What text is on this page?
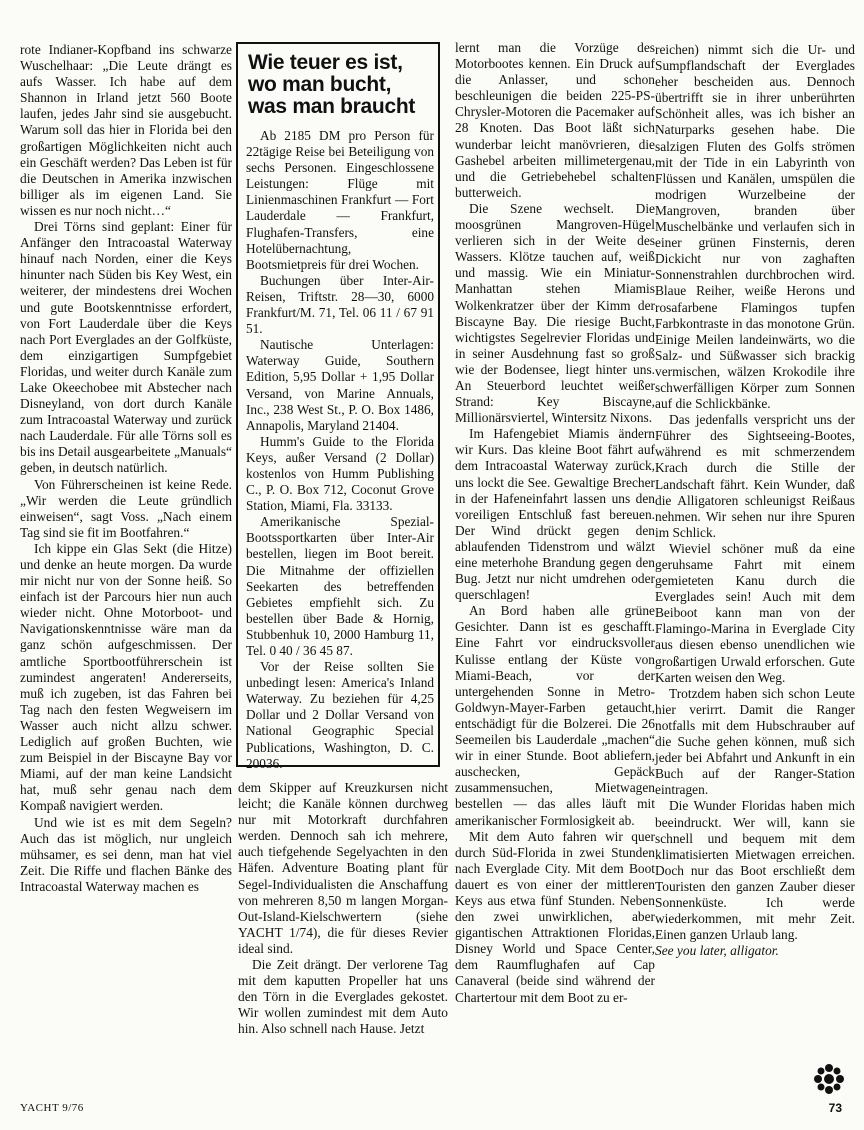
rote Indianer-Kopfband ins schwarze Wuschelhaar: „Die Leute drängt es aufs Wasser. Ich habe auf dem Shannon in Irland jetzt 560 Boote laufen, jedes Jahr sind sie ausgebucht. Warum soll das hier in Florida bei den großartigen Möglichkeiten nicht auch ein Geschäft werden? Das Leben ist für die Deutschen in Amerika inzwischen billiger als im eigenen Land. Sie wissen es nur noch nicht…“

Drei Törns sind geplant: Einer für Anfänger den Intracoastal Waterway hinauf nach Norden, einer die Keys hinunter nach Süden bis Key West, ein weiterer, der mindestens drei Wochen und gute Bootskenntnisse erfordert, von Fort Lauderdale über die Keys nach Port Everglades an der Golfküste, dem einzigartigen Sumpfgebiet Floridas, und weiter durch Kanäle zum Lake Okeechobee mit Abstecher nach Disneyland, von dort durch Kanäle zum Intracoastal Waterway und zurück nach Lauderdale. Für alle Törns soll es bis ins Detail ausgearbeitete „Manuals“ geben, in deutsch natürlich.

Von Führerscheinen ist keine Rede. „Wir werden die Leute gründlich einweisen“, sagt Voss. „Nach einem Tag sind sie fit im Bootfahren.“

Ich kippe ein Glas Sekt (die Hitze) und denke an heute morgen. Da wurde mir nicht nur von der Sonne heiß. So einfach ist der Parcours hier nun auch wieder nicht. Ohne Motorboot- und Navigationskenntnisse wäre man da ganz schön aufgeschmissen. Der amtliche Sportbootführerschein ist zumindest angeraten! Andererseits, muß ich zugeben, ist das Fahren bei Tag nach den festen Wegweisern im Wasser auch nicht allzu schwer. Lediglich auf großen Buchten, wie zum Beispiel in der Biscayne Bay vor Miami, auf der man keine Landsicht hat, muß sehr genau nach dem Kompaß navigiert werden.

Und wie ist es mit dem Segeln? Auch das ist möglich, nur ungleich mühsamer, es sei denn, man hat viel Zeit. Die Riffe und flachen Bänke des Intracoastal Waterway machen es

Wie teuer es ist, wo man bucht, was man braucht

Ab 2185 DM pro Person für 22tägige Reise bei Beteiligung von sechs Personen. Eingeschlossene Leistungen: Flüge mit Linienmaschinen Frankfurt — Fort Lauderdale — Frankfurt, Flughafen-Transfers, eine Hotelübernachtung, Bootsmietpreis für drei Wochen.

Buchungen über Inter-Air-Reisen, Triftstr. 28—30, 6000 Frankfurt/M. 71, Tel. 06 11 / 67 91 51.

Nautische Unterlagen: Waterway Guide, Southern Edition, 5,95 Dollar + 1,95 Dollar Versand, von Marine Annuals, Inc., 238 West St., P. O. Box 1486, Annapolis, Maryland 21404.

Humm's Guide to the Florida Keys, außer Versand (2 Dollar) kostenlos von Humm Publishing C., P. O. Box 712, Coconut Grove Station, Miami, Fla. 33133.

Amerikanische Spezial-Bootssportkarten über Inter-Air bestellen, liegen im Boot bereit. Die Mitnahme der offiziellen Seekarten des betreffenden Gebietes empfiehlt sich. Zu bestellen über Bade & Hornig, Stubbenhuk 10, 2000 Hamburg 11, Tel. 0 40 / 36 45 87.

Vor der Reise sollten Sie unbedingt lesen: America's Inland Waterway. Zu beziehen für 4,25 Dollar und 2 Dollar Versand von National Geographic Special Publications, Washington, D. C. 20036.

dem Skipper auf Kreuzkursen nicht leicht; die Kanäle können durchweg nur mit Motorkraft durchfahren werden. Dennoch sah ich mehrere, auch tiefgehende Segelyachten in den Häfen. Adventure Boating plant für Segel-Individualisten die Anschaffung von mehreren 8,50 m langen Morgan-Out-Island-Kielschwertern (siehe YACHT 1/74), die für dieses Revier ideal sind.

Die Zeit drängt. Der verlorene Tag mit dem kaputten Propeller hat uns den Törn in die Everglades gekostet. Wir wollen zumindest mit dem Auto hin. Also schnell nach Hause. Jetzt

lernt man die Vorzüge des Motorbootes kennen. Ein Druck auf die Anlasser, und schon beschleunigen die beiden 225-PS-Chrysler-Motoren die Pacemaker auf 28 Knoten. Das Boot läßt sich wunderbar leicht manövrieren, die Gashebel arbeiten millimetergenau, und die Getriebehebel schalten butterweich.

Die Szene wechselt. Die moosgrünen Mangroven-Hügel verlieren sich in der Weite des Wassers. Klötze tauchen auf, weiß und massig. Wie ein Miniatur-Manhattan stehen Miamis Wolkenkratzer über der Kimm der Biscayne Bay. Die riesige Bucht, wichtigstes Segelrevier Floridas und in seiner Ausdehnung fast so groß wie der Bodensee, liegt hinter uns. An Steuerbord leuchtet weißer Strand: Key Biscayne, Millionärsviertel, Wintersitz Nixons.

Im Hafengebiet Miamis ändern wir Kurs. Das kleine Boot fährt auf dem Intracoastal Waterway zurück, uns lockt die See. Gewaltige Brecher in der Hafeneinfahrt lassen uns den voreiligen Entschluß fast bereuen. Der Wind drückt gegen den ablaufenden Tidenstrom und wälzt eine meterhohe Brandung gegen den Bug. Jetzt nur nicht umdrehen oder querschlagen!

An Bord haben alle grüne Gesichter. Dann ist es geschafft. Eine Fahrt vor eindrucksvoller Kulisse entlang der Küste von Miami-Beach, vor der untergehenden Sonne in Metro-Goldwyn-Mayer-Farben getaucht, entschädigt für die Bolzerei. Die 26 Seemeilen bis Lauderdale „machen“ wir in einer Stunde. Boot abliefern, auschecken, Gepäck zusammensuchen, Mietwagen bestellen — das alles läuft mit amerikanischer Formlosigkeit ab.

Mit dem Auto fahren wir quer durch Süd-Florida in zwei Stunden nach Everglade City. Mit dem Boot dauert es von einer der mittleren Keys aus etwa fünf Stunden. Neben den zwei unwirklichen, aber gigantischen Attraktionen Floridas, Disney World und Space Center, dem Raumflughafen auf Cap Canaveral (beide sind während der Chartertour mit dem Boot zu er-

reichen) nimmt sich die Ur- und Sumpflandschaft der Everglades eher bescheiden aus. Dennoch übertrifft sie in ihrer unberührten Schönheit alles, was ich bisher an Naturparks gesehen habe. Die salzigen Fluten des Golfs strömen mit der Tide in ein Labyrinth von Flüssen und Kanälen, umspülen die modrigen Wurzelbeine der Mangroven, branden über Muschelbänke und verlaufen sich in einer grünen Finsternis, deren Dickicht nur von zaghaften Sonnenstrahlen durchbrochen wird. Blaue Reiher, weiße Herons und rosafarbene Flamingos tupfen Farbkontraste in das monotone Grün. Einige Meilen landeinwärts, wo die Salz- und Süßwasser sich brackig vermischen, wälzen Krokodile ihre schwerfälligen Körper zum Sonnen auf die Schlickbänke.

Das jedenfalls verspricht uns der Führer des Sightseeing-Bootes, während es mit schmerzendem Krach durch die Stille der Landschaft fährt. Kein Wunder, daß die Alligatoren schleunigst Reißaus nehmen. Wir sehen nur ihre Spuren im Schlick.

Wieviel schöner muß da eine geruhsame Fahrt mit einem gemieteten Kanu durch die Everglades sein! Auch mit dem Beiboot kann man von der Flamingo-Marina in Everglade City aus diesen ebenso unendlichen wie großartigen Urwald erforschen. Gute Karten weisen den Weg.

Trotzdem haben sich schon Leute hier verirrt. Damit die Ranger notfalls mit dem Hubschrauber auf die Suche gehen können, muß sich jeder bei Abfahrt und Ankunft in ein Buch auf der Ranger-Station eintragen.

Die Wunder Floridas haben mich beeindruckt. Wer will, kann sie schnell und bequem mit dem klimatisierten Mietwagen erreichen. Doch nur das Boot erschließt dem Touristen den ganzen Zauber dieser Sonnenküste. Ich werde wiederkommen, mit mehr Zeit. Einen ganzen Urlaub lang.

See you later, alligator.

YACHT 9/76	73
